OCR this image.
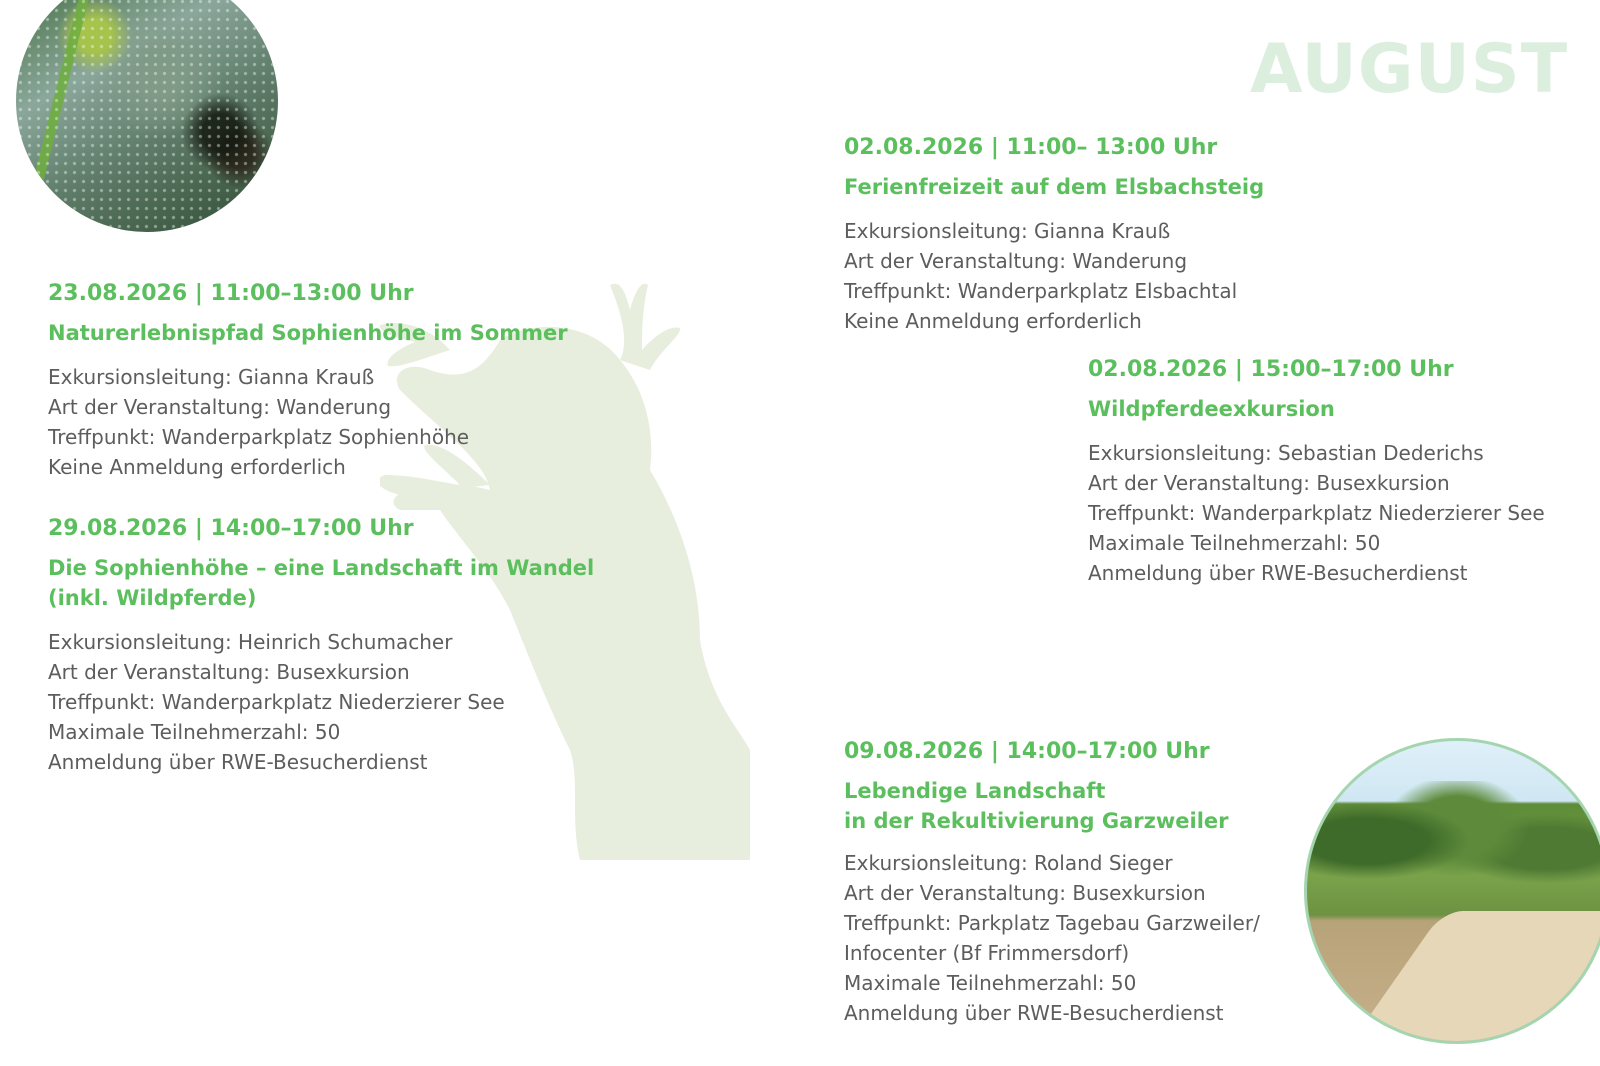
AUGUST

23.08.2026 | 11:00–13:00 Uhr

Naturerlebnispfad Sophienhöhe im Sommer

Exkursionsleitung: Gianna Krauß

Art der Veranstaltung: Wanderung

Treffpunkt: Wanderparkplatz Sophienhöhe

Keine Anmeldung erforderlich

29.08.2026 | 14:00–17:00 Uhr

Die Sophienhöhe – eine Landschaft im Wandel
(inkl. Wildpferde)

Exkursionsleitung: Heinrich Schumacher

Art der Veranstaltung: Busexkursion

Treffpunkt: Wanderparkplatz Niederzierer See

Maximale Teilnehmerzahl: 50

Anmeldung über RWE-Besucherdienst

02.08.2026 | 11:00– 13:00 Uhr

Ferienfreizeit auf dem Elsbachsteig

Exkursionsleitung: Gianna Krauß

Art der Veranstaltung: Wanderung

Treffpunkt: Wanderparkplatz Elsbachtal

Keine Anmeldung erforderlich

02.08.2026 | 15:00–17:00 Uhr

Wildpferdeexkursion

Exkursionsleitung: Sebastian Dederichs

Art der Veranstaltung: Busexkursion

Treffpunkt: Wanderparkplatz Niederzierer See

Maximale Teilnehmerzahl: 50

Anmeldung über RWE-Besucherdienst

09.08.2026 | 14:00–17:00 Uhr

Lebendige Landschaft
in der Rekultivierung Garzweiler

Exkursionsleitung: Roland Sieger

Art der Veranstaltung: Busexkursion

Treffpunkt: Parkplatz Tagebau Garzweiler/

Infocenter (Bf Frimmersdorf)

Maximale Teilnehmerzahl: 50

Anmeldung über RWE-Besucherdienst
